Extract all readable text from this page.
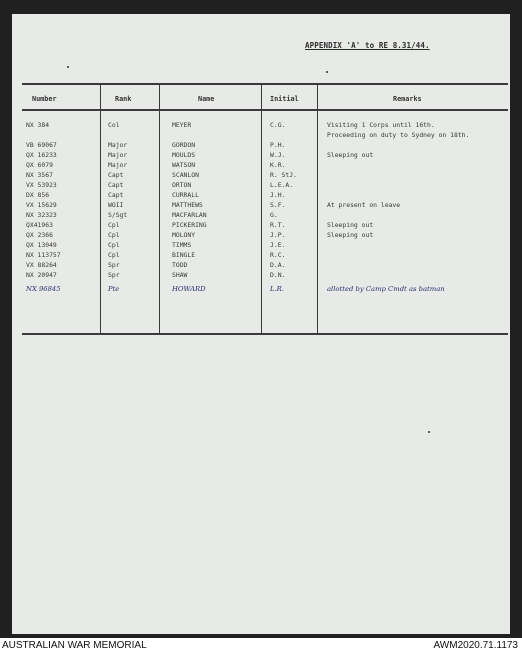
APPENDIX 'A' to RE 8.31/44.
Number	Rank	Name	Initial	Remarks
NX 384	Col	MEYER	C.G.	Visiting 1 Corps until 16th.
Proceeding on duty to Sydney on 18th.
VB 69067	Major	GORDON	P.H.
QX 16233	Major	MOULDS	W.J.	Sleeping out
QX 6079	Major	WATSON	K.R.
NX 3567	Capt	SCANLON	R. StJ.
VX 53923	Capt	ORTON	L.E.A.
DX 856	Capt	CURRALL	J.H.
VX 15629	WOII	MATTHEWS	S.F.	At present on leave
NX 32323	S/Sgt	MACFARLAN	G.
QX41963	Cpl	PICKERING	R.T.	Sleeping out
QX 2366	Cpl	MOLONY	J.P.	Sleeping out
QX 13049	Cpl	TIMMS	J.E.
NX 113757	Cpl	BINGLE	R.C.
VX 88264	Spr	TODD	D.A.
NX 20947	Spr	SHAW	D.N.
NX 96845	Pte	HOWARD	L.R.	allotted by Camp Cmdt as batman
AUSTRALIAN WAR MEMORIAL	AWM2020.71.1173
